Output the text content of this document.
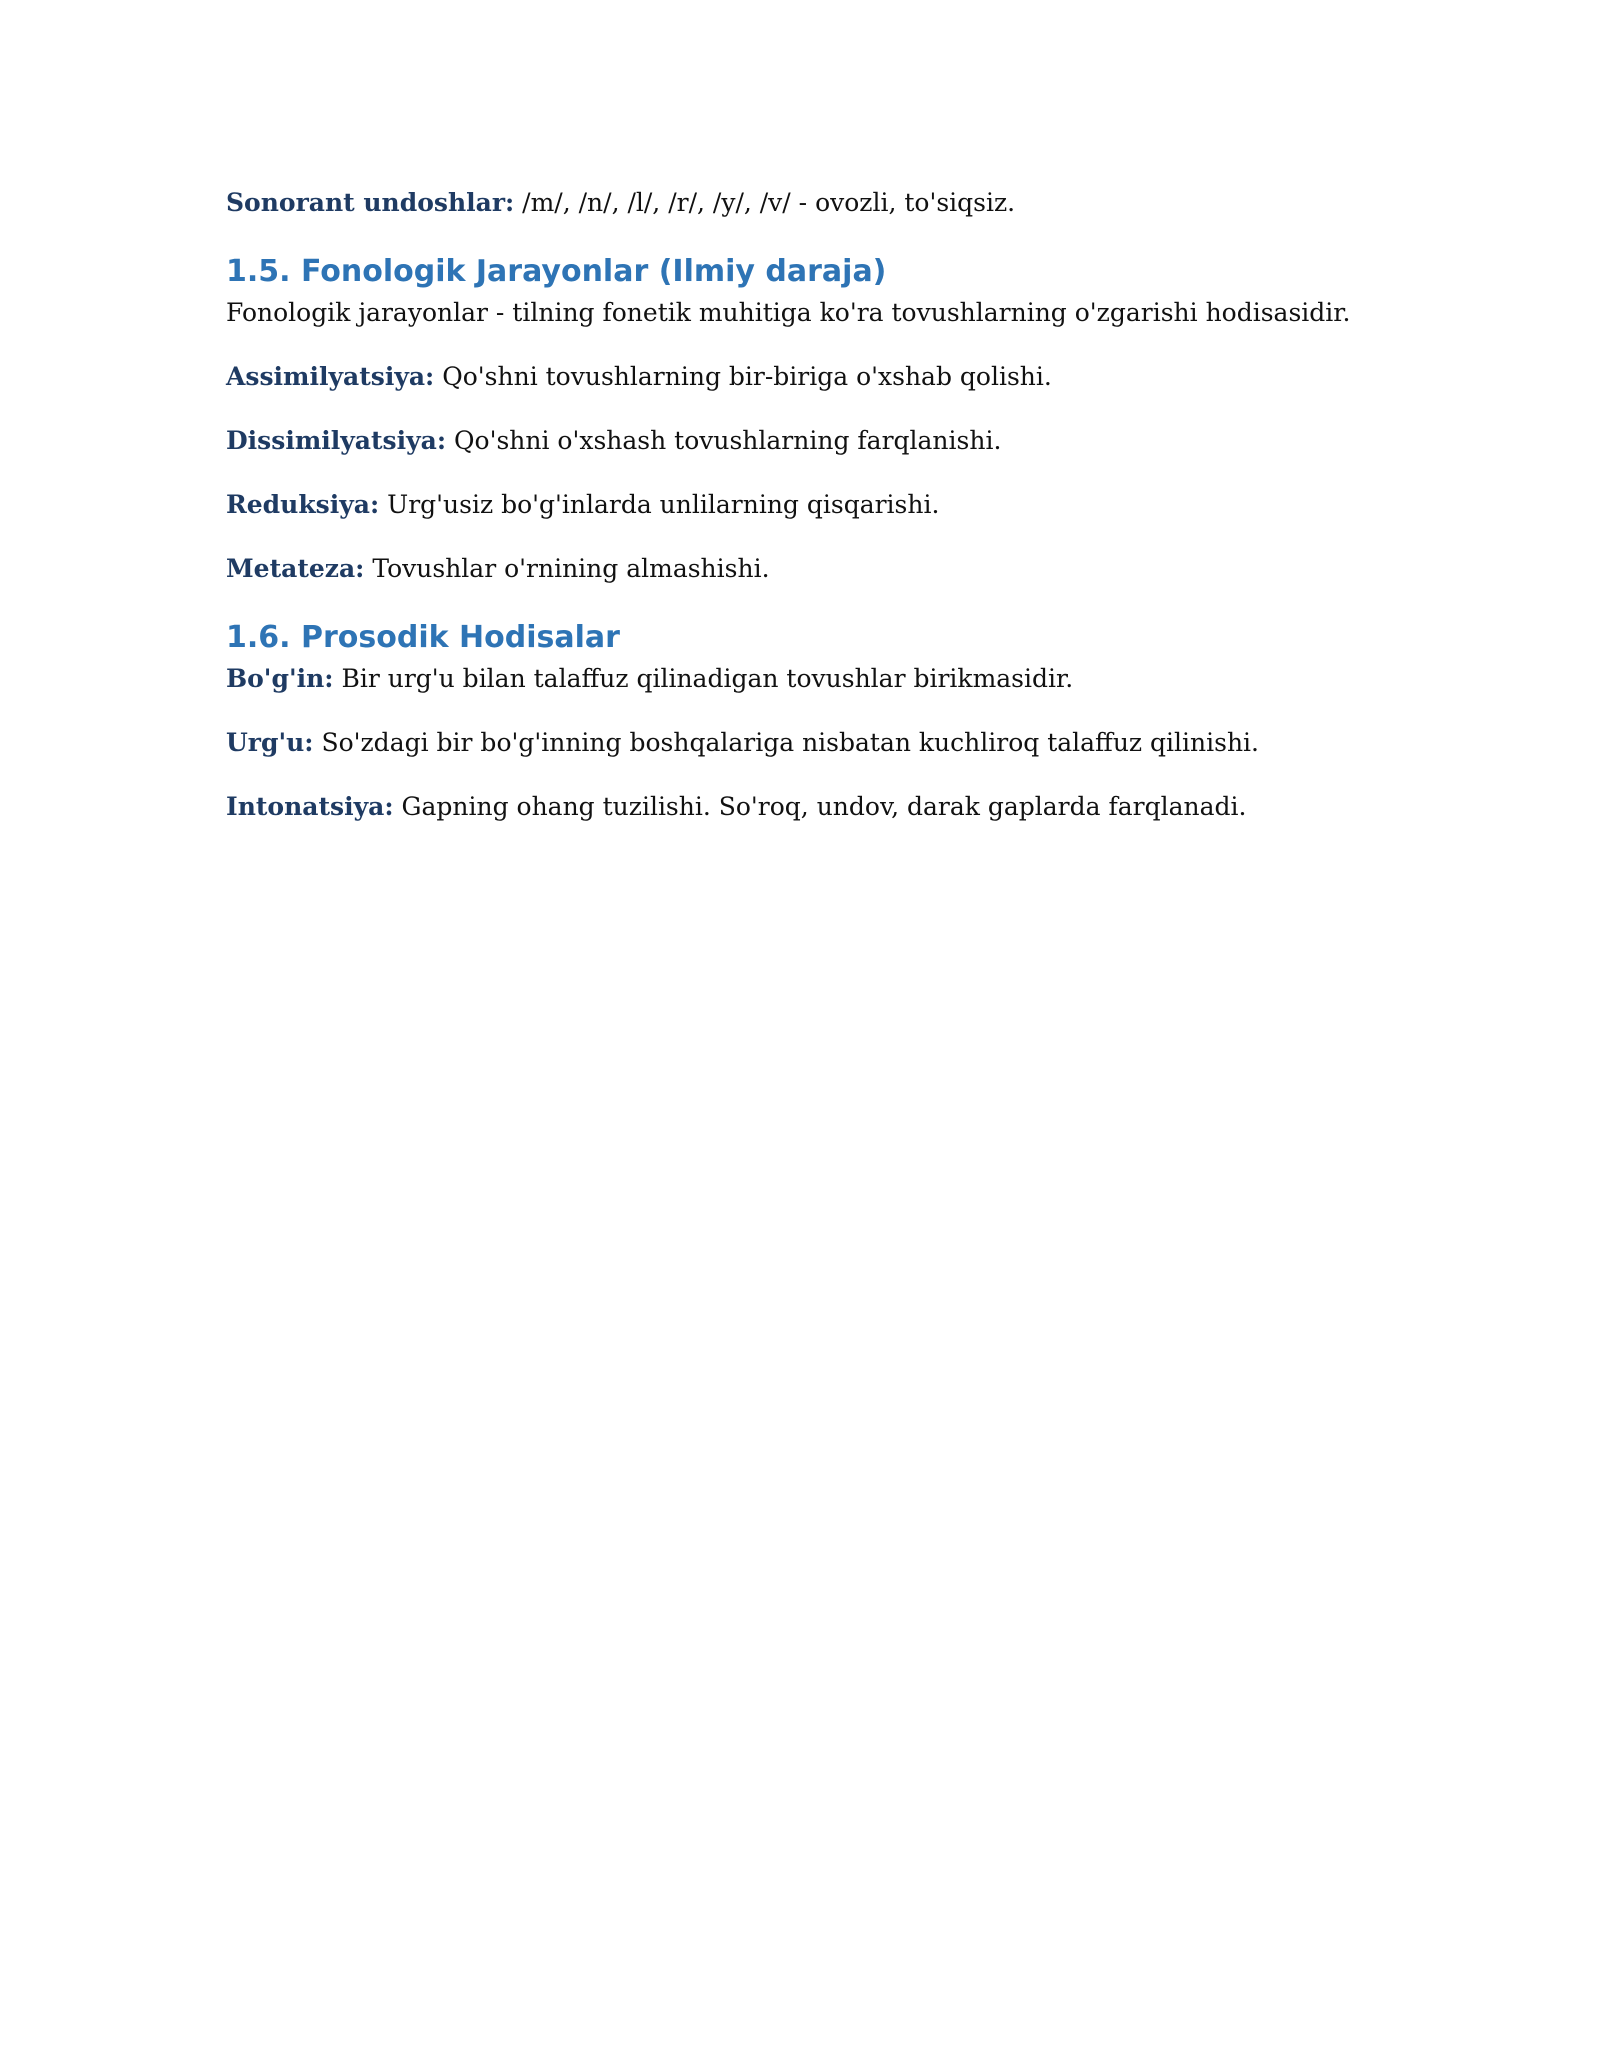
Sonorant undoshlar: /m/, /n/, /l/, /r/, /y/, /v/ - ovozli, to'siqsiz.

1.5. Fonologik Jarayonlar (Ilmiy daraja)

Fonologik jarayonlar - tilning fonetik muhitiga ko'ra tovushlarning o'zgarishi hodisasidir.

Assimilyatsiya: Qo'shni tovushlarning bir-biriga o'xshab qolishi.

Dissimilyatsiya: Qo'shni o'xshash tovushlarning farqlanishi.

Reduksiya: Urg'usiz bo'g'inlarda unlilarning qisqarishi.

Metateza: Tovushlar o'rnining almashishi.

1.6. Prosodik Hodisalar

Bo'g'in: Bir urg'u bilan talaffuz qilinadigan tovushlar birikmasidir.

Urg'u: So'zdagi bir bo'g'inning boshqalariga nisbatan kuchliroq talaffuz qilinishi.

Intonatsiya: Gapning ohang tuzilishi. So'roq, undov, darak gaplarda farqlanadi.
